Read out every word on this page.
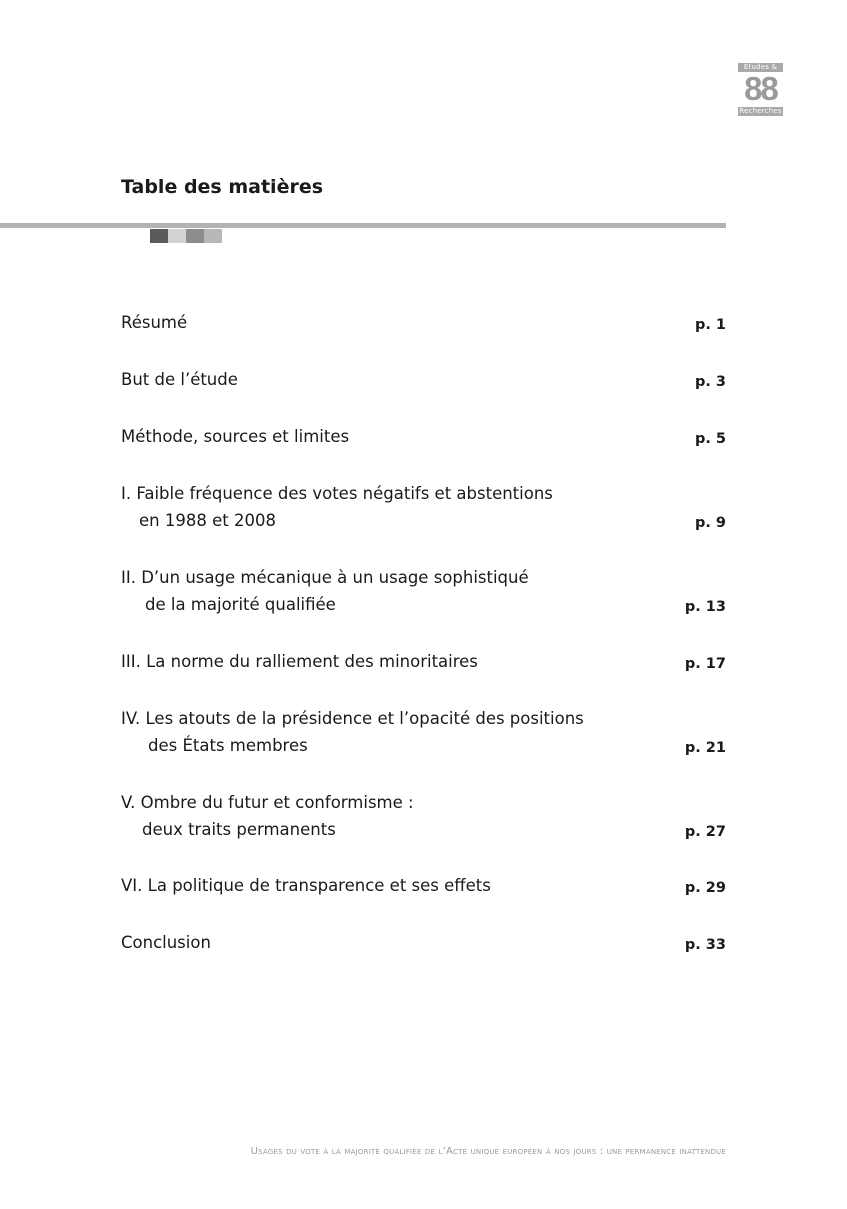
Études &
88
Recherches
Table des matières
Résumé	p. 1
But de l’étude	p. 3
Méthode, sources et limites	p. 5
I. Faible fréquence des votes négatifs et abstentions
en 1988 et 2008	p. 9
II. D’un usage mécanique à un usage sophistiqué
de la majorité qualifiée	p. 13
III. La norme du ralliement des minoritaires	p. 17
IV. Les atouts de la présidence et l’opacité des positions
des États membres	p. 21
V. Ombre du futur et conformisme :
deux traits permanents	p. 27
VI. La politique de transparence et ses effets	p. 29
Conclusion	p. 33
Usages du vote à la majorité qualifiée de l’Acte unique européen à nos jours : une permanence inattendue
